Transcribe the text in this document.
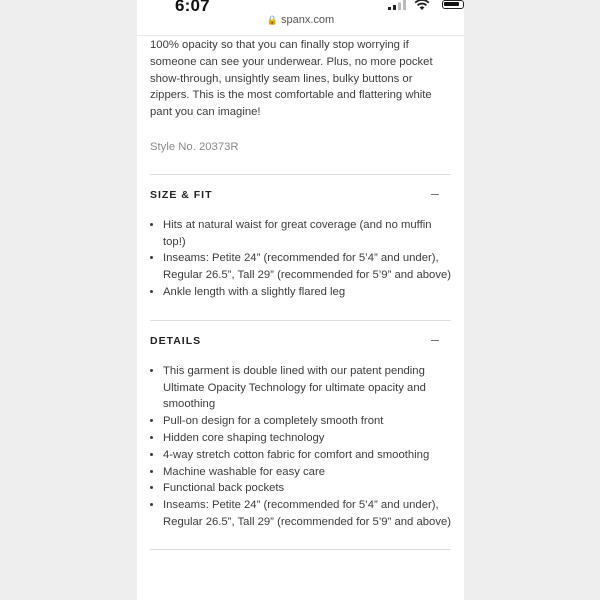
6:07
🔒 spanx.com

100% opacity so that you can finally stop worrying if someone can see your underwear. Plus, no more pocket show-through, unsightly seam lines, bulky buttons or zippers. This is the most comfortable and flattering white pant you can imagine!

Style No. 20373R
SIZE & FIT
• Hits at natural waist for great coverage (and no muffin top!)
• Inseams: Petite 24” (recommended for 5’4” and under), Regular 26.5”, Tall 29” (recommended for 5’9” and above)
• Ankle length with a slightly flared leg
DETAILS
• This garment is double lined with our patent pending Ultimate Opacity Technology for ultimate opacity and smoothing
• Pull-on design for a completely smooth front
• Hidden core shaping technology
• 4-way stretch cotton fabric for comfort and smoothing
• Machine washable for easy care
• Functional back pockets
• Inseams: Petite 24” (recommended for 5’4” and under), Regular 26.5”, Tall 29” (recommended for 5’9” and above)
